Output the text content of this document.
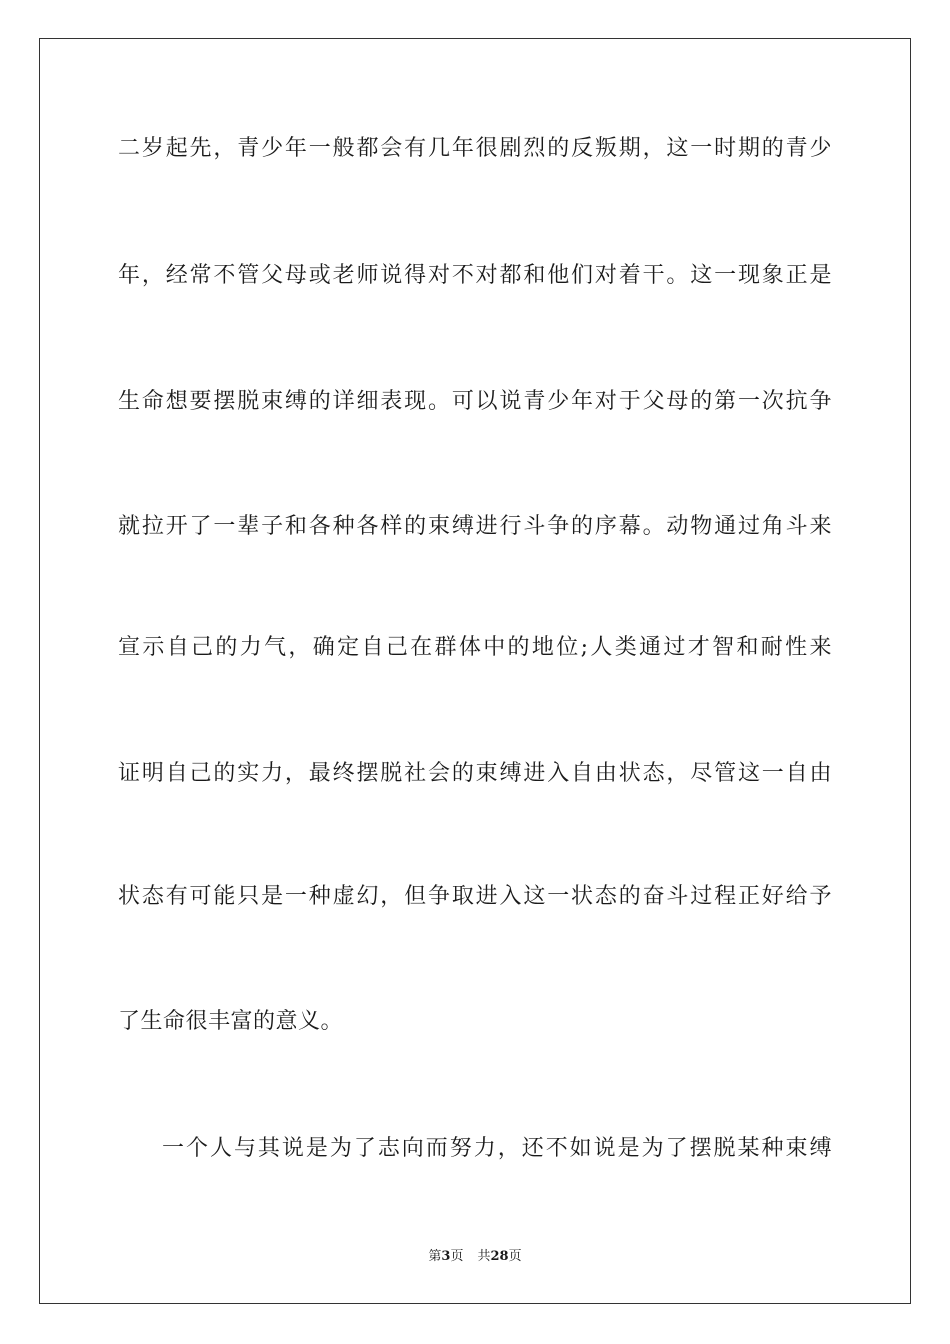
二岁起先，青少年一般都会有几年很剧烈的反叛期，这一时期的青少
年，经常不管父母或老师说得对不对都和他们对着干。这一现象正是
生命想要摆脱束缚的详细表现。可以说青少年对于父母的第一次抗争
就拉开了一辈子和各种各样的束缚进行斗争的序幕。动物通过角斗来
宣示自己的力气，确定自己在群体中的地位;人类通过才智和耐性来
证明自己的实力，最终摆脱社会的束缚进入自由状态，尽管这一自由
状态有可能只是一种虚幻，但争取进入这一状态的奋斗过程正好给予
了生命很丰富的意义。
一个人与其说是为了志向而努力，还不如说是为了摆脱某种束缚
第3页 共28页
